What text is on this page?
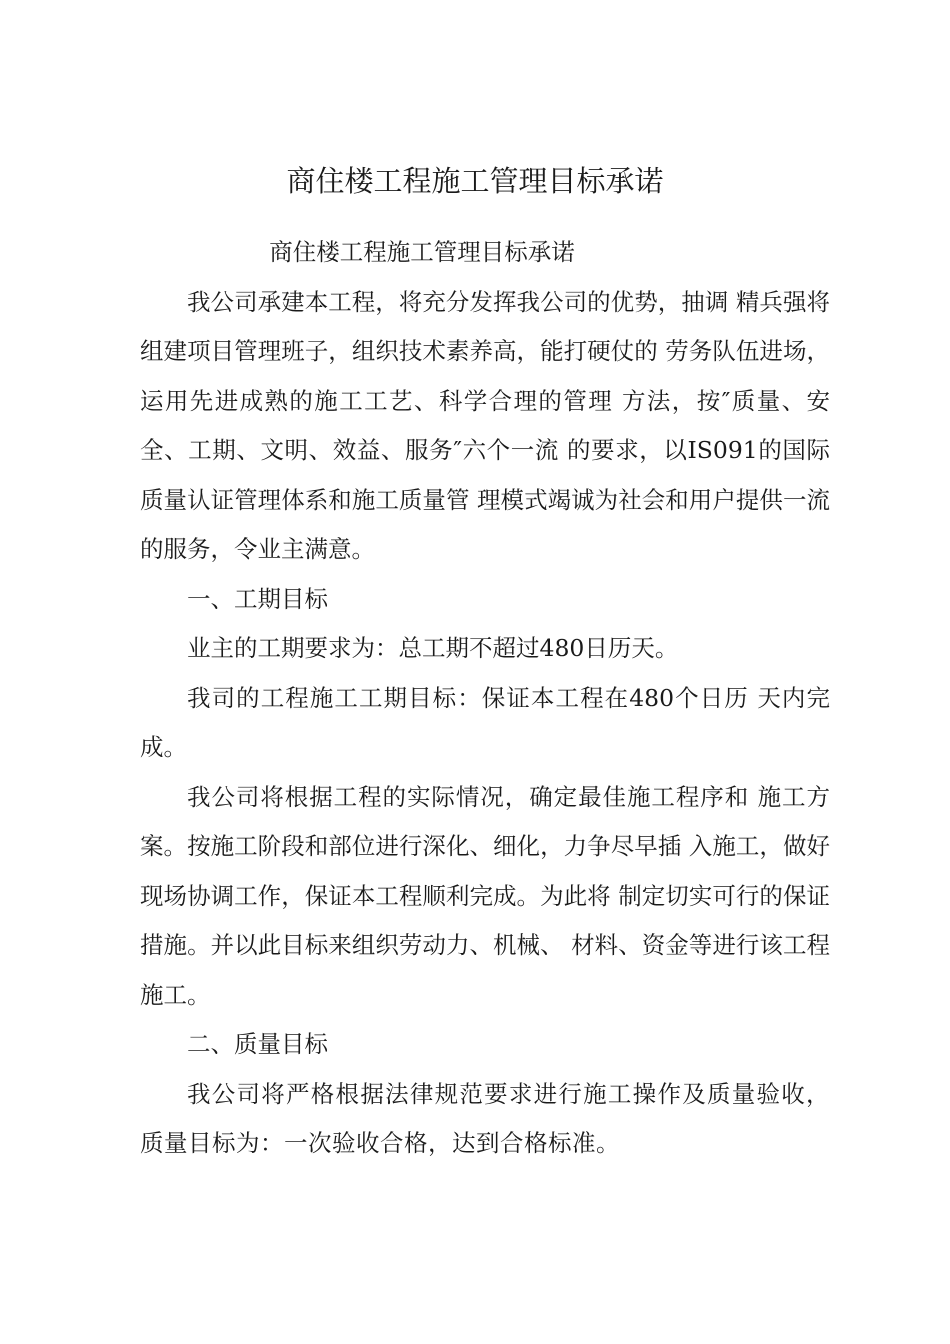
商住楼工程施工管理目标承诺

商住楼工程施工管理目标承诺

我公司承建本工程，将充分发挥我公司的优势，抽调 精兵强将组建项目管理班子，组织技术素养高，能打硬仗的 劳务队伍进场，运用先进成熟的施工工艺、科学合理的管理 方法，按″质量、安全、工期、文明、效益、服务″六个一流 的要求，以IS091的国际质量认证管理体系和施工质量管 理模式竭诚为社会和用户提供一流的服务，令业主满意。

一、工期目标

业主的工期要求为：总工期不超过480日历天。

我司的工程施工工期目标：保证本工程在480个日历 天内完成。

我公司将根据工程的实际情况，确定最佳施工程序和 施工方案。按施工阶段和部位进行深化、细化，力争尽早插 入施工，做好现场协调工作，保证本工程顺利完成。为此将 制定切实可行的保证措施。并以此目标来组织劳动力、机械、 材料、资金等进行该工程施工。

二、质量目标

我公司将严格根据法律规范要求进行施工操作及质量验收，质量目标为：一次验收合格，达到合格标准。
